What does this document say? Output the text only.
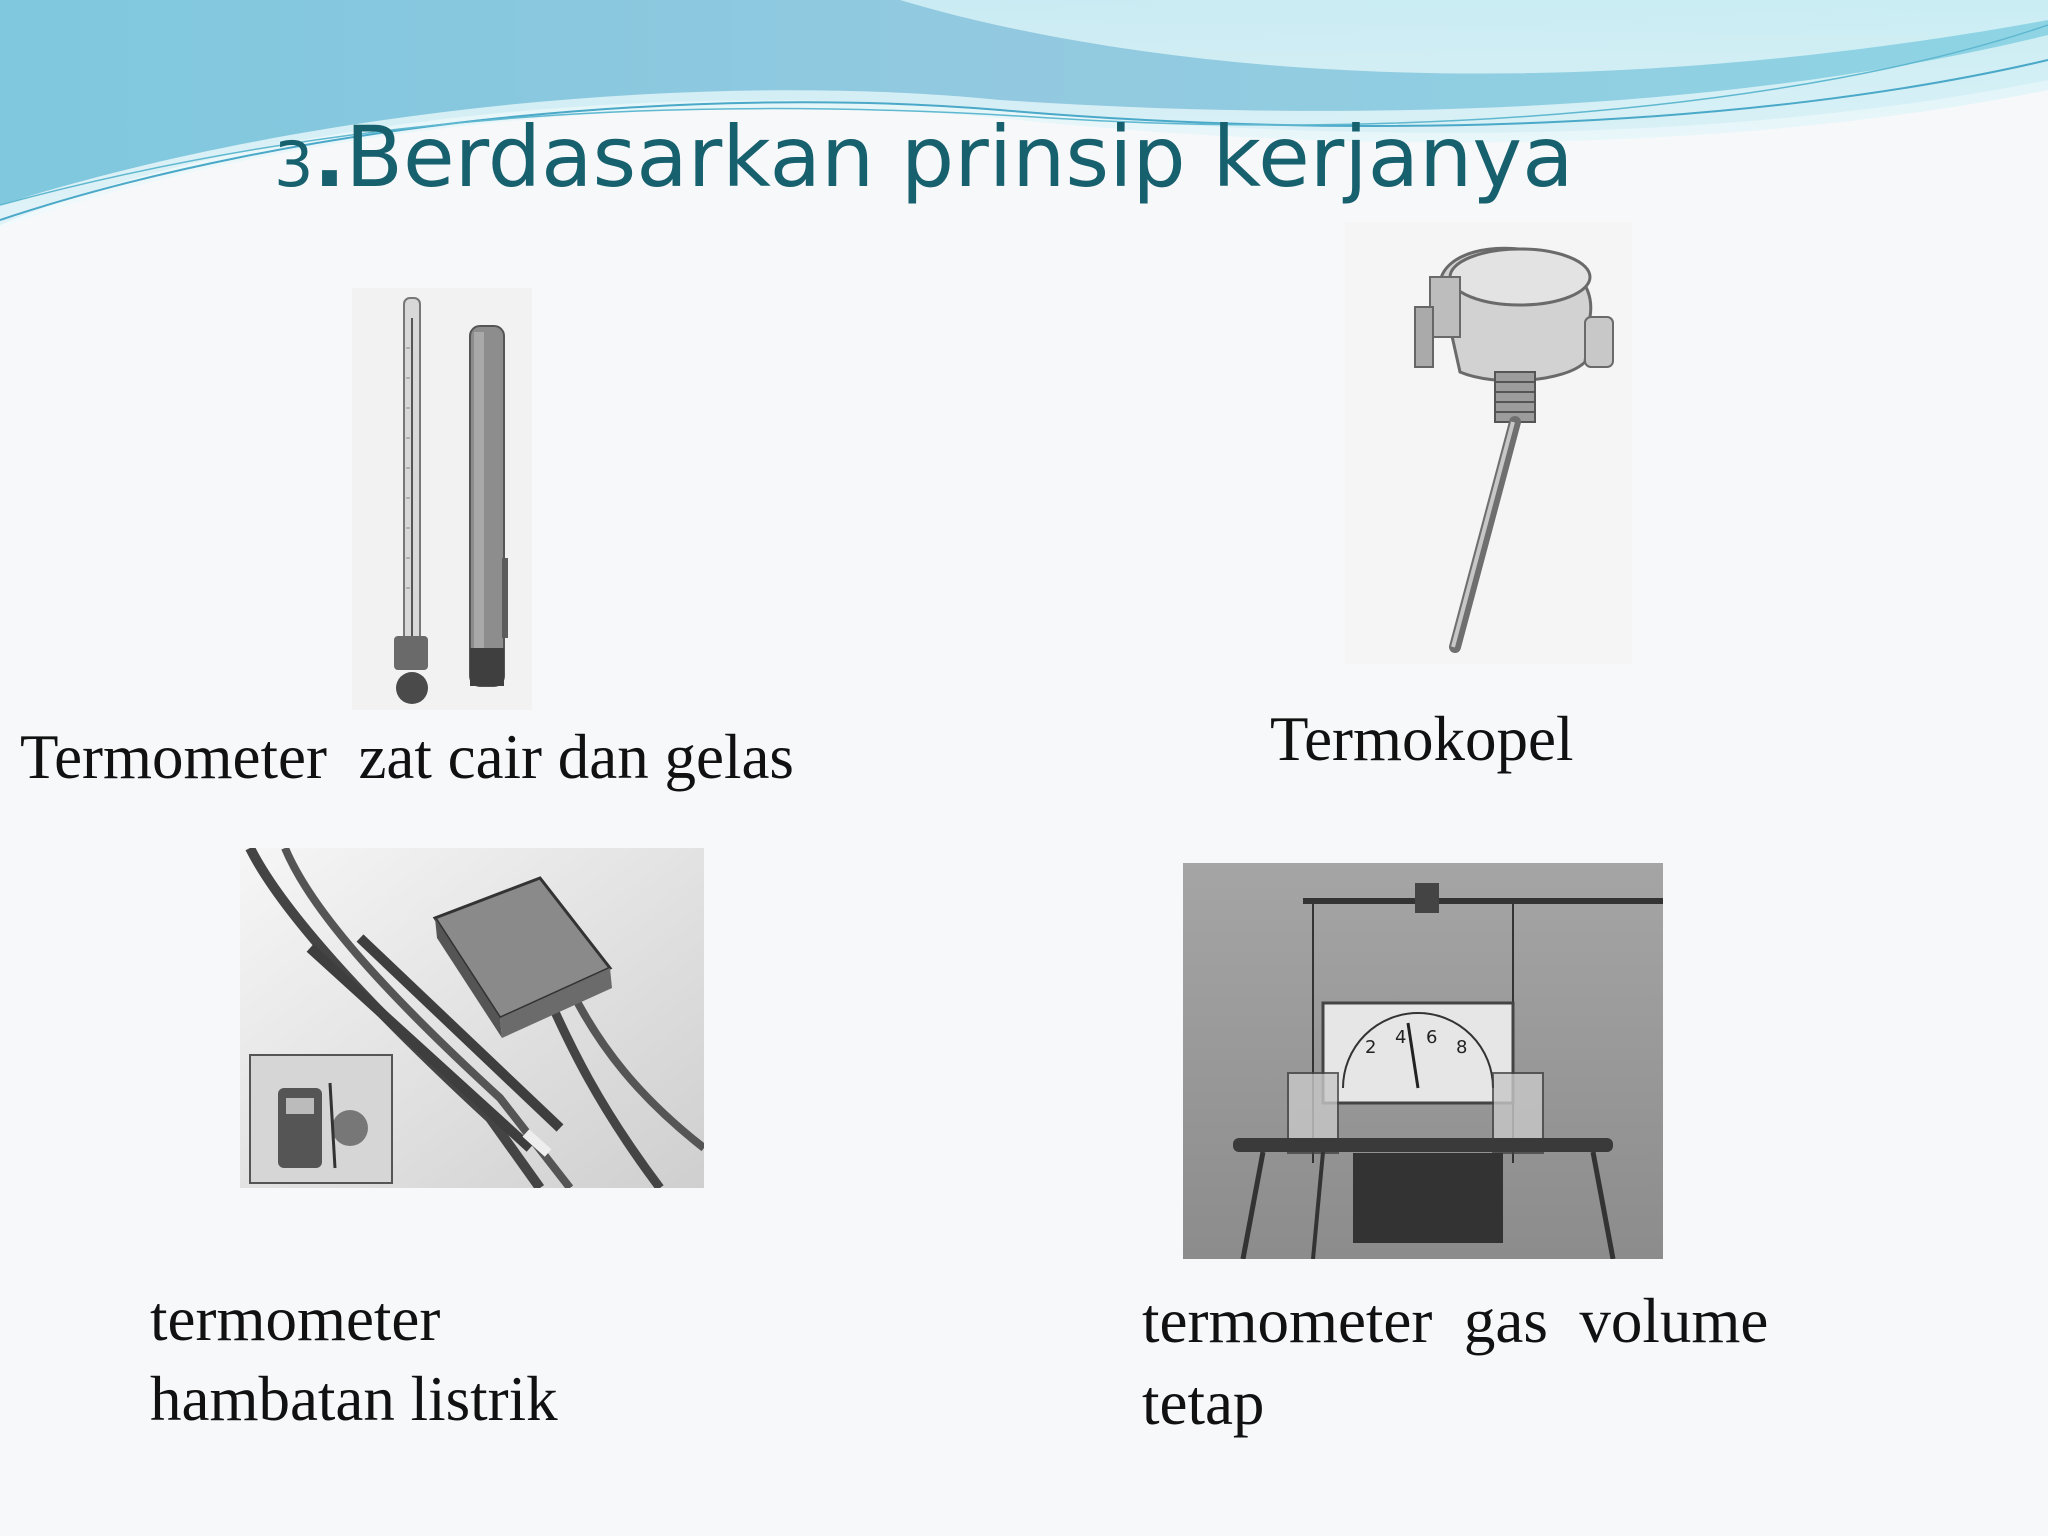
3.Berdasarkan prinsip kerjanya
Termometer  zat cair dan gelas	Termokopel
termometer
hambatan listrik
2 4 6 8
termometer  gas  volume
tetap
